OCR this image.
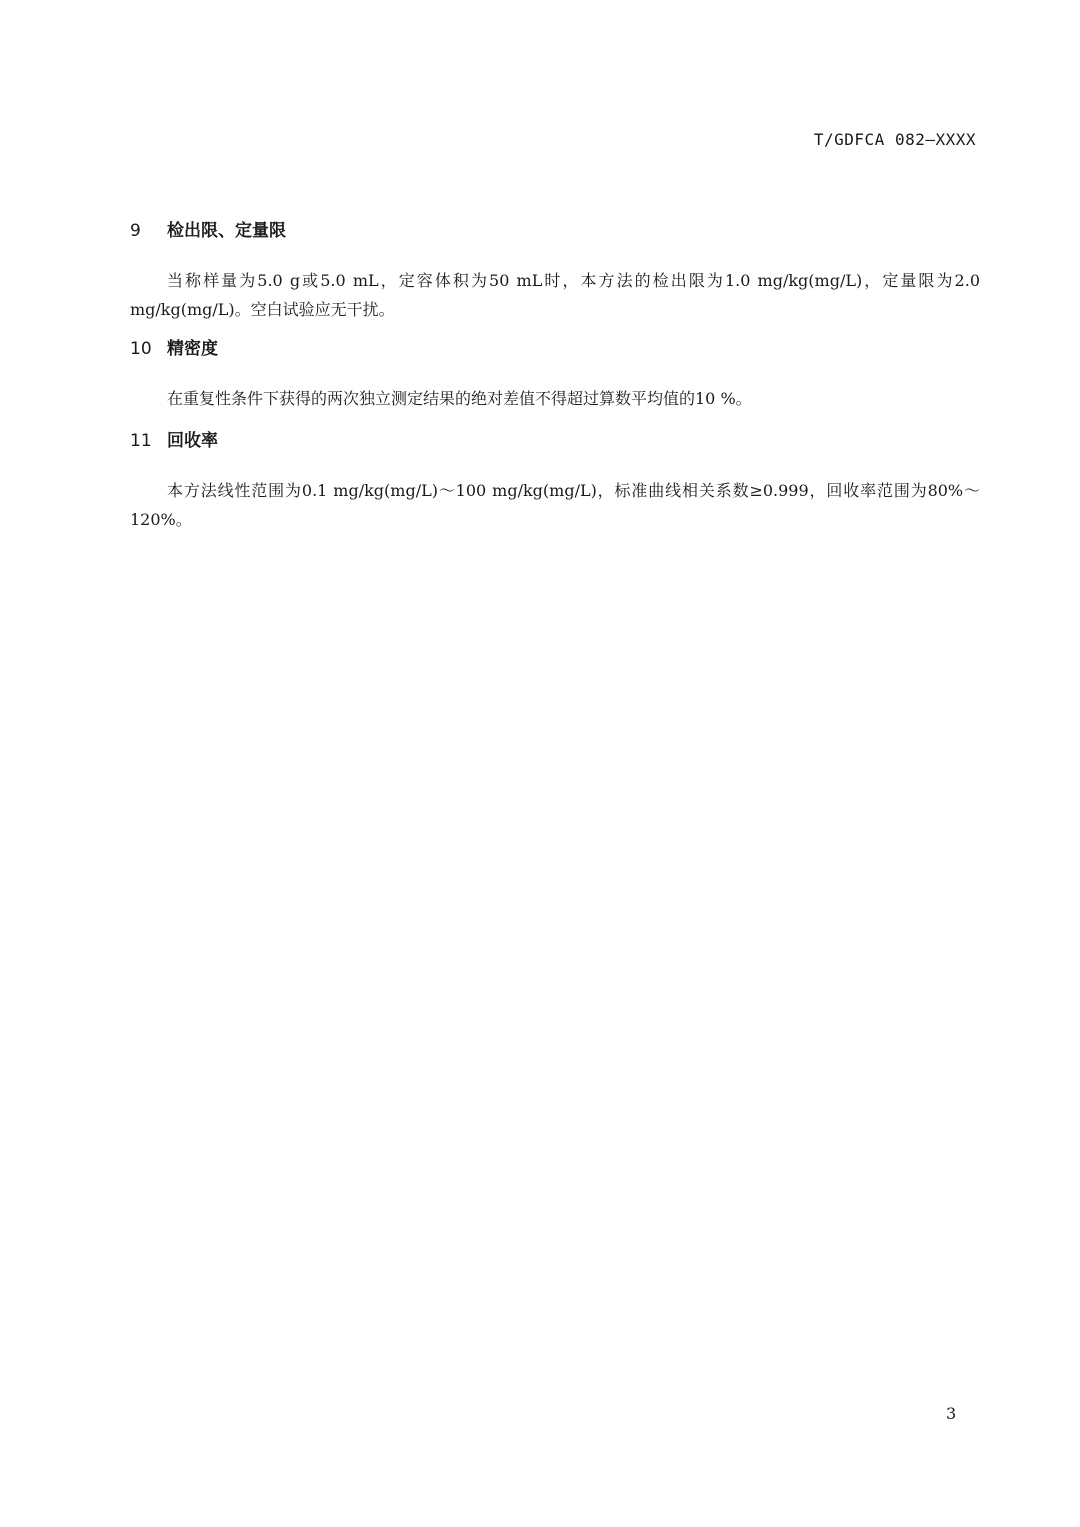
T/GDFCA 082—XXXX
9	检出限、定量限

当称样量为5.0 g或5.0 mL，定容体积为50 mL时，本方法的检出限为1.0 mg/kg(mg/L)，定量限为2.0 mg/kg(mg/L)。空白试验应无干扰。

10 精密度

在重复性条件下获得的两次独立测定结果的绝对差值不得超过算数平均值的10 %。

11 回收率

本方法线性范围为0.1 mg/kg(mg/L)～100 mg/kg(mg/L)，标准曲线相关系数≥0.999，回收率范围为80%～120%。

3
